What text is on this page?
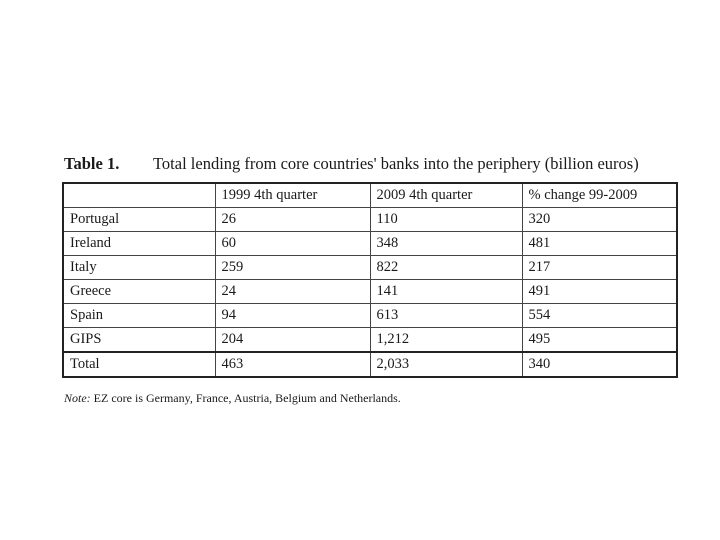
Table 1. Total lending from core countries' banks into the periphery (billion euros)
	1999 4th quarter	2009 4th quarter	% change 99-2009
Portugal	26	110	320
Ireland	60	348	481
Italy	259	822	217
Greece	24	141	491
Spain	94	613	554
GIPS	204	1,212	495
Total	463	2,033	340
Note: EZ core is Germany, France, Austria, Belgium and Netherlands.
